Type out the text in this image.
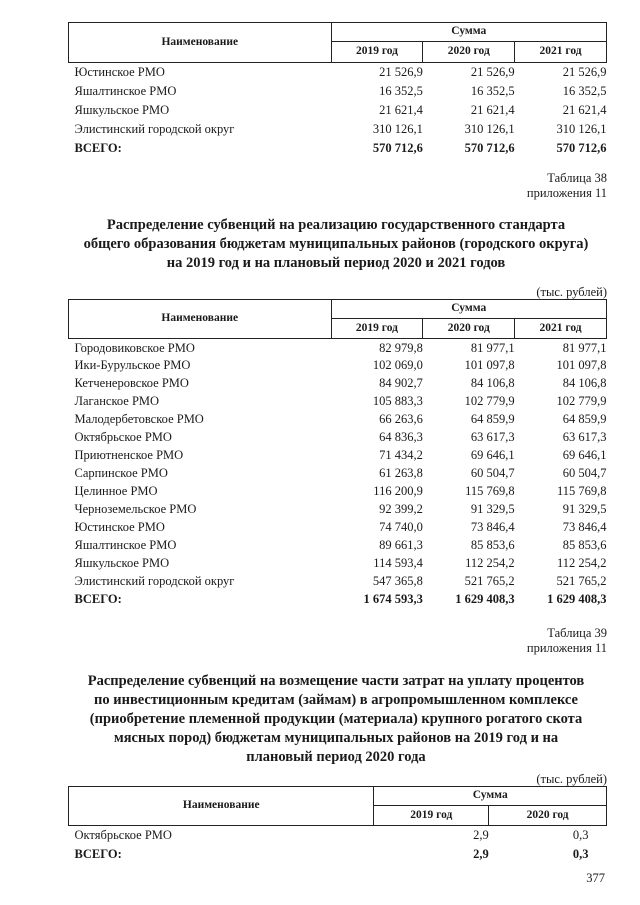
Наименование	Сумма		
	2019 год	2020 год	2021 год
Юстинское РМО	21 526,9	21 526,9	21 526,9
Яшалтинское РМО	16 352,5	16 352,5	16 352,5
Яшкульское РМО	21 621,4	21 621,4	21 621,4
Элистинский городской округ	310 126,1	310 126,1	310 126,1
ВСЕГО:	570 712,6	570 712,6	570 712,6
Таблица 38
приложения 11
Распределение субвенций на реализацию государственного стандарта
общего образования бюджетам муниципальных районов (городского округа)
на 2019 год и на плановый период 2020 и 2021 годов
(тыс. рублей)
Наименование	Сумма		
	2019 год	2020 год	2021 год
Городовиковское РМО	82 979,8	81 977,1	81 977,1
Ики-Бурульское РМО	102 069,0	101 097,8	101 097,8
Кетченеровское РМО	84 902,7	84 106,8	84 106,8
Лаганское РМО	105 883,3	102 779,9	102 779,9
Малодербетовское РМО	66 263,6	64 859,9	64 859,9
Октябрьское РМО	64 836,3	63 617,3	63 617,3
Приютненское РМО	71 434,2	69 646,1	69 646,1
Сарпинское РМО	61 263,8	60 504,7	60 504,7
Целинное РМО	116 200,9	115 769,8	115 769,8
Черноземельское РМО	92 399,2	91 329,5	91 329,5
Юстинское РМО	74 740,0	73 846,4	73 846,4
Яшалтинское РМО	89 661,3	85 853,6	85 853,6
Яшкульское РМО	114 593,4	112 254,2	112 254,2
Элистинский городской округ	547 365,8	521 765,2	521 765,2
ВСЕГО:	1 674 593,3	1 629 408,3	1 629 408,3
Таблица 39
приложения 11
Распределение субвенций на возмещение части затрат на уплату процентов
по инвестиционным кредитам (займам) в агропромышленном комплексе
(приобретение племенной продукции (материала) крупного рогатого скота
мясных пород) бюджетам муниципальных районов на 2019 год и на
плановый период 2020 года
(тыс. рублей)
Наименование	Сумма	
	2019 год	2020 год
Октябрьское РМО	2,9	0,3
ВСЕГО:	2,9	0,3
377
